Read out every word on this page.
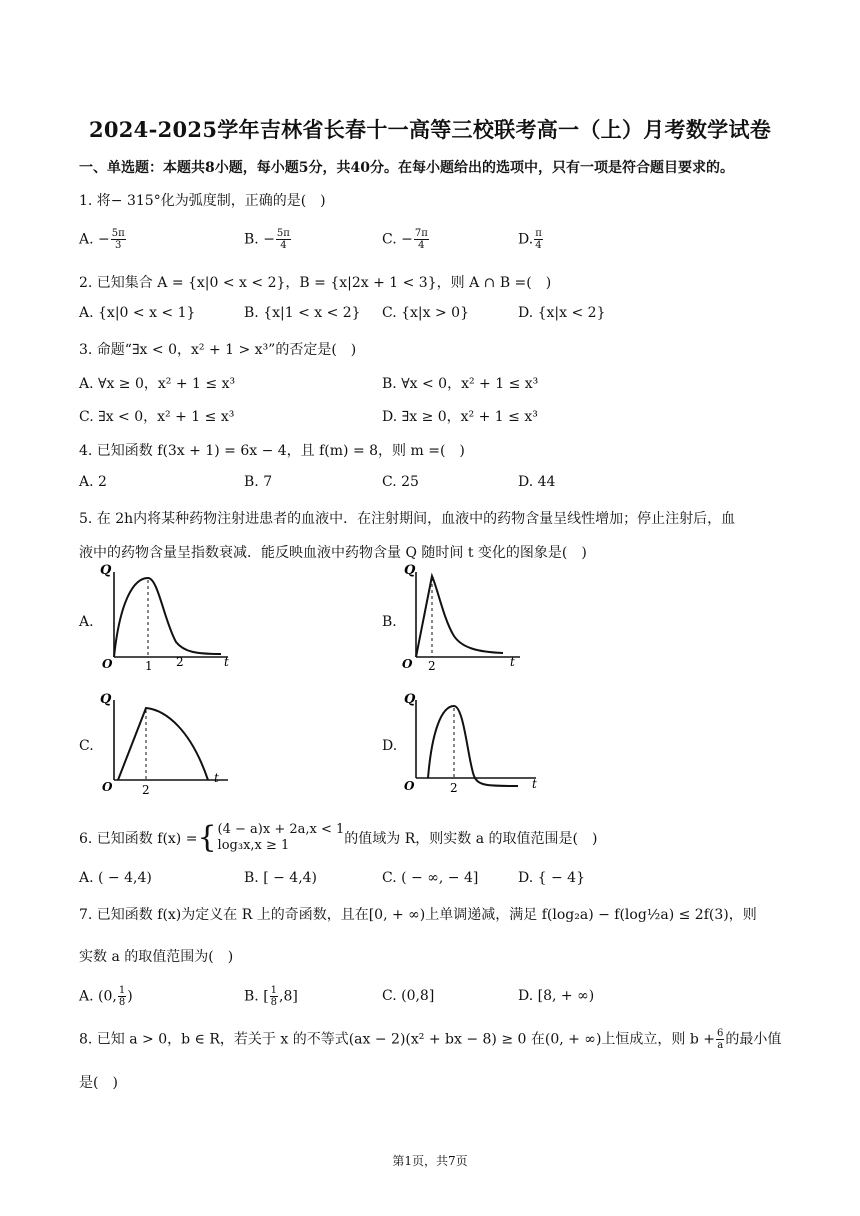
2024-2025学年吉林省长春十一高等三校联考高一（上）月考数学试卷
一、单选题：本题共8小题，每小题5分，共40分。在每小题给出的选项中，只有一项是符合题目要求的。
1. 将− 315°化为弧度制，正确的是(　)
A. − $\frac{5\pi}{3}$	B. − $\frac{5\pi}{4}$	C. − $\frac{7\pi}{4}$	D. $\frac{\pi}{4}$
2. 已知集合 A = {x|0 < x < 2}，B = {x|2x + 1 < 3}，则 A ∩ B =(　)
A. {x|0 < x < 1}	B. {x|1 < x < 2} C. {x|x > 0}	D. {x|x < 2}
3. 命题“∃x < 0，x² + 1 > x³”的否定是(　)
A. ∀x ≥ 0，x² + 1 ≤ x³	B. ∀x < 0，x² + 1 ≤ x³
C. ∃x < 0，x² + 1 ≤ x³	D. ∃x ≥ 0，x² + 1 ≤ x³
4. 已知函数 f(3x + 1) = 6x − 4，且 f(m) = 8，则 m =(　)
A. 2	B. 7	C. 25	D. 44
5. 在 2h内将某种药物注射进患者的血液中．在注射期间，血液中的药物含量呈线性增加；停止注射后，血
液中的药物含量呈指数衰减．能反映血液中药物含量 Q 随时间 t 变化的图象是(　)
A.	B.
C.	D.
Q
t
O	1 2
Q
t
O 2
Q
t
O 2
Q
t
O	2
6. 已知函数 f(x) = { (4 − a)x + 2a,x < 1
log₃x,x ≥ 1	的值域为 R，则实数 a 的取值范围是(　)
A. ( − 4,4)	B. [ − 4,4)	C. ( − ∞, − 4]	D. { − 4}
7. 已知函数 f(x)为定义在 R 上的奇函数，且在[0, + ∞)上单调递减，满足 f(log₂a) − f(log½a) ≤ 2f(3)，则
实数 a 的取值范围为(　)
A. (0, $\frac{1}{8}$ )	B. [ $\frac{1}{8} ,8$]	C. (0,8]	D. [8, + ∞)
8. 已知 a > 0，b ∈ R，若关于 x 的不等式(ax − 2)(x² + bx − 8) ≥ 0 在(0, + ∞)上恒成立，则 $b + \frac{6}{a}$ 的最小值
是(　)
第1页，共7页
